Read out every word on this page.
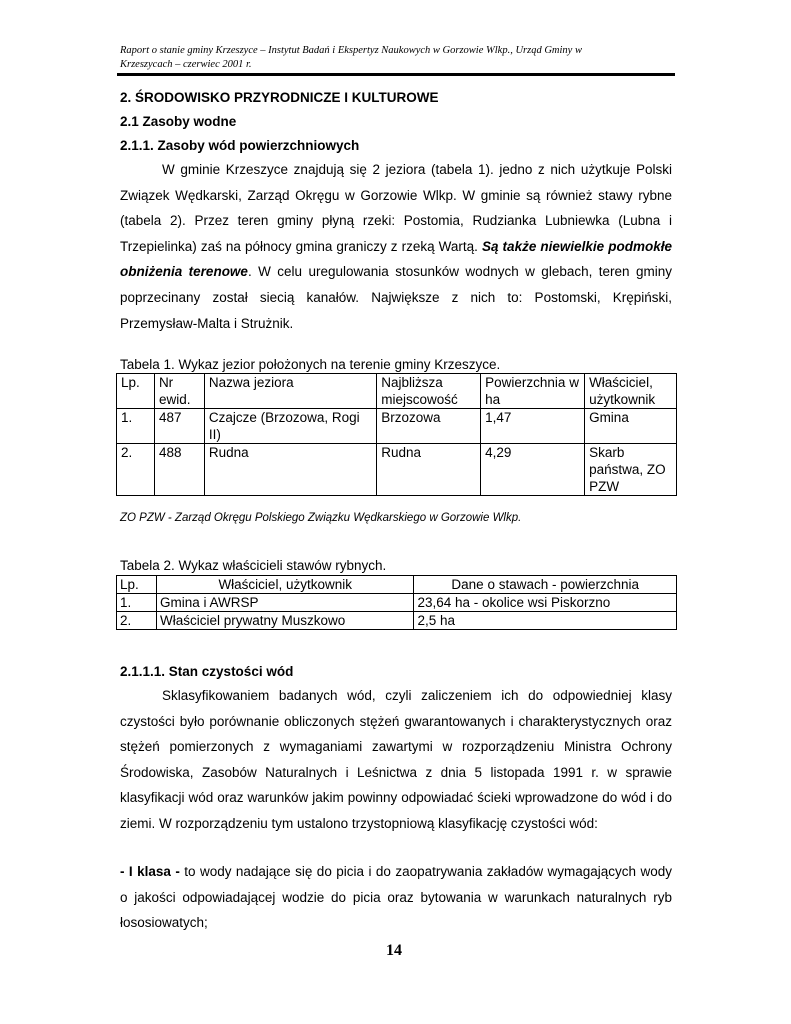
Raport o stanie gminy Krzeszyce – Instytut Badań i Ekspertyz Naukowych w Gorzowie Wlkp., Urząd Gminy w
Krzeszycach – czerwiec 2001 r.
2. ŚRODOWISKO PRZYRODNICZE I KULTUROWE
2.1 Zasoby wodne
2.1.1. Zasoby wód powierzchniowych
W gminie Krzeszyce znajdują się 2 jeziora (tabela 1). jedno z nich użytkuje Polski Związek Wędkarski, Zarząd Okręgu w Gorzowie Wlkp. W gminie są również stawy rybne (tabela 2). Przez teren gminy płyną rzeki: Postomia, Rudzianka Lubniewka (Lubna i Trzepielinka) zaś na północy gmina graniczy z rzeką Wartą. Są także niewielkie podmokłe obniżenia terenowe. W celu uregulowania stosunków wodnych w glebach, teren gminy poprzecinany został siecią kanałów. Największe z nich to: Postomski, Krępiński, Przemysław-Malta i Strużnik.
Tabela 1. Wykaz jezior położonych na terenie gminy Krzeszyce.
Lp.	Nr ewid.	Nazwa jeziora	Najbliższa miejscowość	Powierzchnia w ha	Właściciel, użytkownik
1.	487	Czajcze (Brzozowa, Rogi II)	Brzozowa	1,47	Gmina
2.	488	Rudna	Rudna	4,29	Skarb państwa, ZO PZW
ZO PZW - Zarząd Okręgu Polskiego Związku Wędkarskiego w Gorzowie Wlkp.
Tabela 2. Wykaz właścicieli stawów rybnych.
Lp.	Właściciel, użytkownik	Dane o stawach - powierzchnia
1.	Gmina i AWRSP	23,64 ha - okolice wsi Piskorzno
2.	Właściciel prywatny Muszkowo	2,5 ha
2.1.1.1. Stan czystości wód
Sklasyfikowaniem badanych wód, czyli zaliczeniem ich do odpowiedniej klasy czystości było porównanie obliczonych stężeń gwarantowanych i charakterystycznych oraz stężeń pomierzonych z wymaganiami zawartymi w rozporządzeniu Ministra Ochrony Środowiska, Zasobów Naturalnych i Leśnictwa z dnia 5 listopada 1991 r. w sprawie klasyfikacji wód oraz warunków jakim powinny odpowiadać ścieki wprowadzone do wód i do ziemi. W rozporządzeniu tym ustalono trzystopniową klasyfikację czystości wód:
- I klasa - to wody nadające się do picia i do zaopatrywania zakładów wymagających wody o jakości odpowiadającej wodzie do picia oraz bytowania w warunkach naturalnych ryb łososiowatych;
14
